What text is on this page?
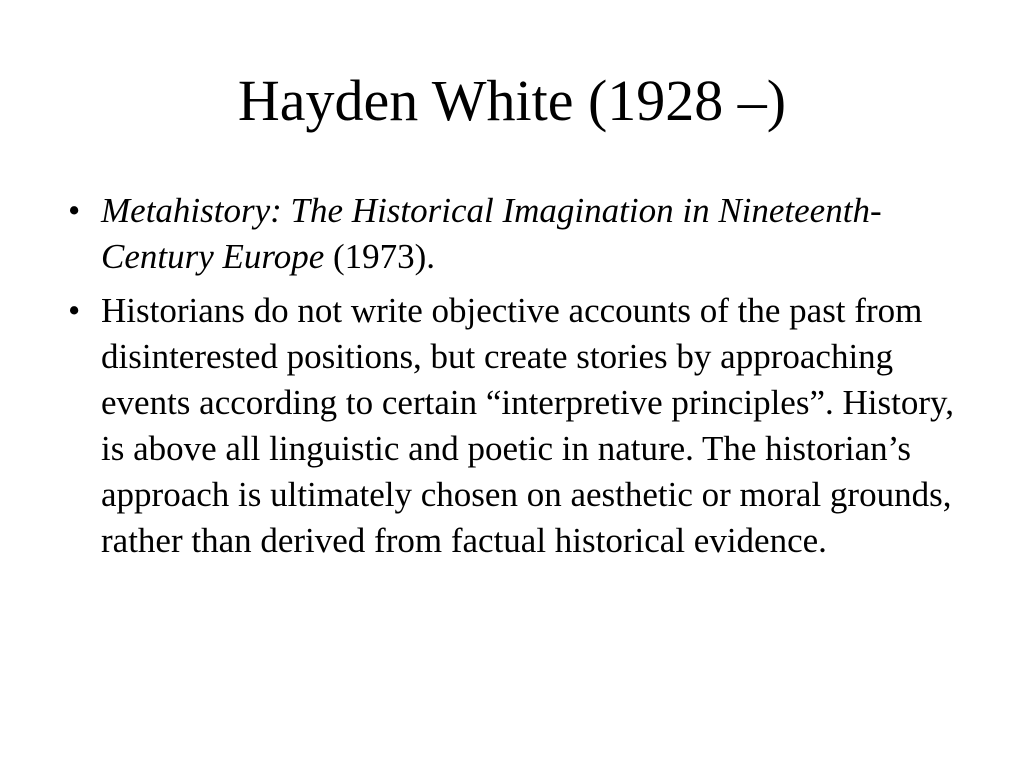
Hayden White (1928 –)
• Metahistory: The Historical Imagination in Nineteenth-Century Europe (1973).
• Historians do not write objective accounts of the past from disinterested positions, but create stories by approaching events according to certain “interpretive principles”. History, is above all linguistic and poetic in nature. The historian’s approach is ultimately chosen on aesthetic or moral grounds, rather than derived from factual historical evidence.
